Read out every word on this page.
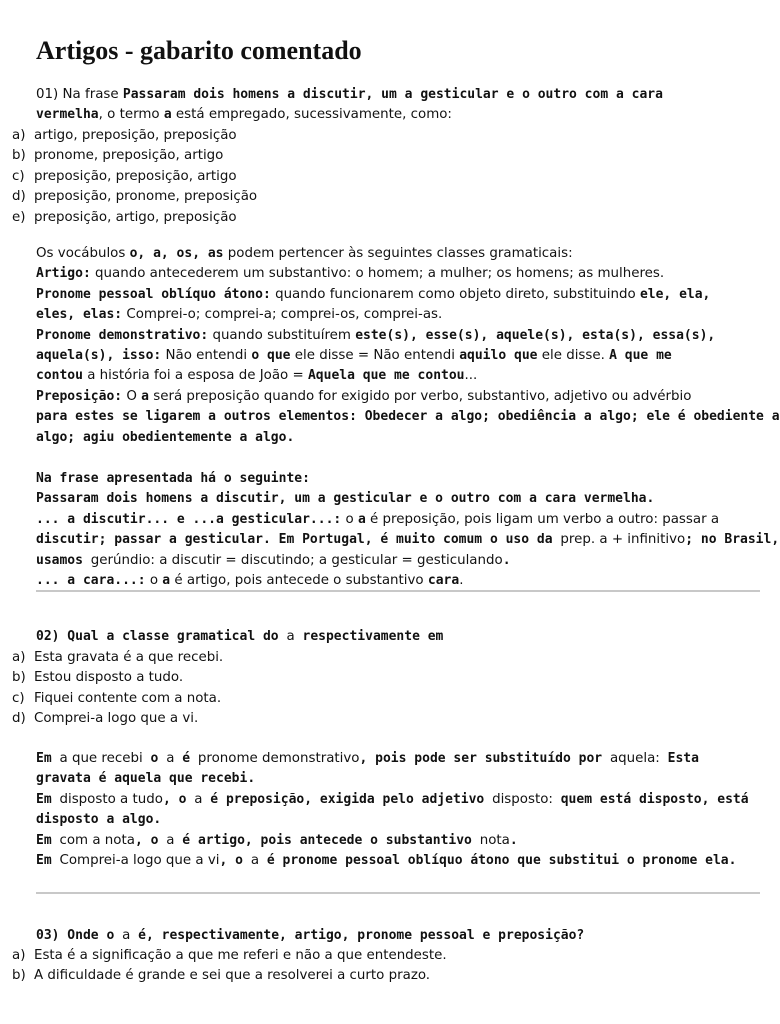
Artigos - gabarito comentado
01) Na frase Passaram dois homens a discutir, um a gesticular e o outro com a cara
vermelha, o termo a está empregado, sucessivamente, como:
a) artigo, preposição, preposição
b) pronome, preposição, artigo
c) preposição, preposição, artigo
d) preposição, pronome, preposição
e) preposição, artigo, preposição
Os vocábulos o, a, os, as podem pertencer às seguintes classes gramaticais:
Artigo: quando antecederem um substantivo: o homem; a mulher; os homens; as mulheres.
Pronome pessoal oblíquo átono: quando funcionarem como objeto direto, substituindo ele, ela,
eles, elas: Comprei-o; comprei-a; comprei-os, comprei-as.
Pronome demonstrativo: quando substituírem este(s), esse(s), aquele(s), esta(s), essa(s),
aquela(s), isso: Não entendi o que ele disse = Não entendi aquilo que ele disse. A que me
contou a história foi a esposa de João = Aquela que me contou...
Preposição: O a será preposição quando for exigido por verbo, substantivo, adjetivo ou advérbio
para estes se ligarem a outros elementos: Obedecer a algo; obediência a algo; ele é obediente a
algo; agiu obedientemente a algo.
Na frase apresentada há o seguinte:
Passaram dois homens a discutir, um a gesticular e o outro com a cara vermelha.
... a discutir... e ...a gesticular...: o a é preposição, pois ligam um verbo a outro: passar a
discutir; passar a gesticular. Em Portugal, é muito comum o uso da prep. a + infinitivo; no Brasil,
usamos gerúndio: a discutir = discutindo; a gesticular = gesticulando.
... a cara...: o a é artigo, pois antecede o substantivo cara.
02) Qual a classe gramatical do a respectivamente em
a) Esta gravata é a que recebi.
b) Estou disposto a tudo.
c) Fiquei contente com a nota.
d) Comprei-a logo que a vi.
Em a que recebi o a é pronome demonstrativo, pois pode ser substituído por aquela: Esta
gravata é aquela que recebi.
Em disposto a tudo, o a é preposição, exigida pelo adjetivo disposto: quem está disposto, está
disposto a algo.
Em com a nota, o a é artigo, pois antecede o substantivo nota.
Em Comprei-a logo que a vi, o a é pronome pessoal oblíquo átono que substitui o pronome ela.
03) Onde o a é, respectivamente, artigo, pronome pessoal e preposição?
a) Esta é a significação a que me referi e não a que entendeste.
b) A dificuldade é grande e sei que a resolverei a curto prazo.
